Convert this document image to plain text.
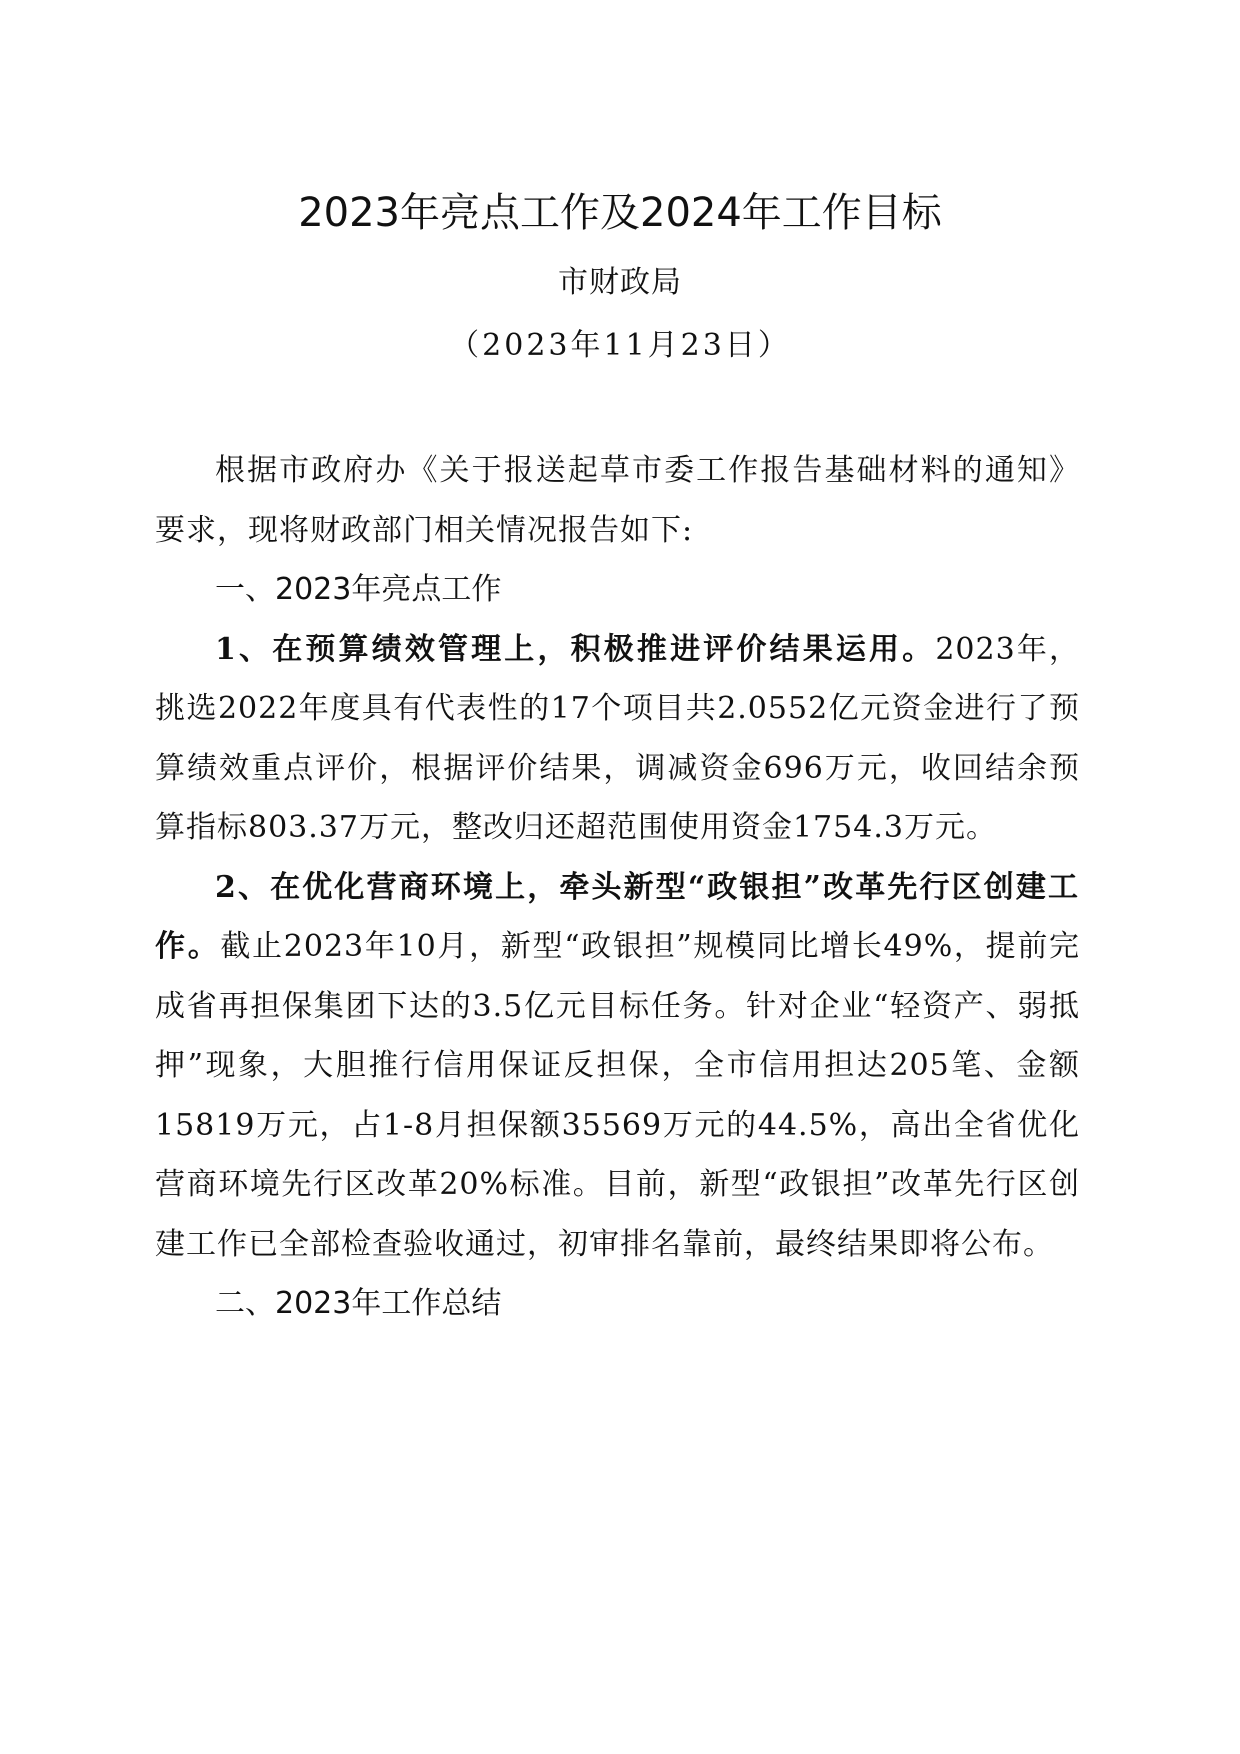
2023年亮点工作及2024年工作目标
市财政局
（2023年11月23日）

根据市政府办《关于报送起草市委工作报告基础材料的通知》要求，现将财政部门相关情况报告如下:

一、2023年亮点工作

1、在预算绩效管理上，积极推进评价结果运用。2023年，挑选2022年度具有代表性的17个项目共2.0552亿元资金进行了预算绩效重点评价，根据评价结果，调减资金696万元，收回结余预算指标803.37万元，整改归还超范围使用资金1754.3万元。

2、在优化营商环境上，牵头新型“政银担”改革先行区创建工作。截止2023年10月，新型“政银担”规模同比增长49%，提前完成省再担保集团下达的3.5亿元目标任务。针对企业“轻资产、弱抵押”现象，大胆推行信用保证反担保，全市信用担达205笔、金额15819万元，占1-8月担保额35569万元的44.5%，高出全省优化营商环境先行区改革20%标准。目前，新型“政银担”改革先行区创建工作已全部检查验收通过，初审排名靠前，最终结果即将公布。

二、2023年工作总结
